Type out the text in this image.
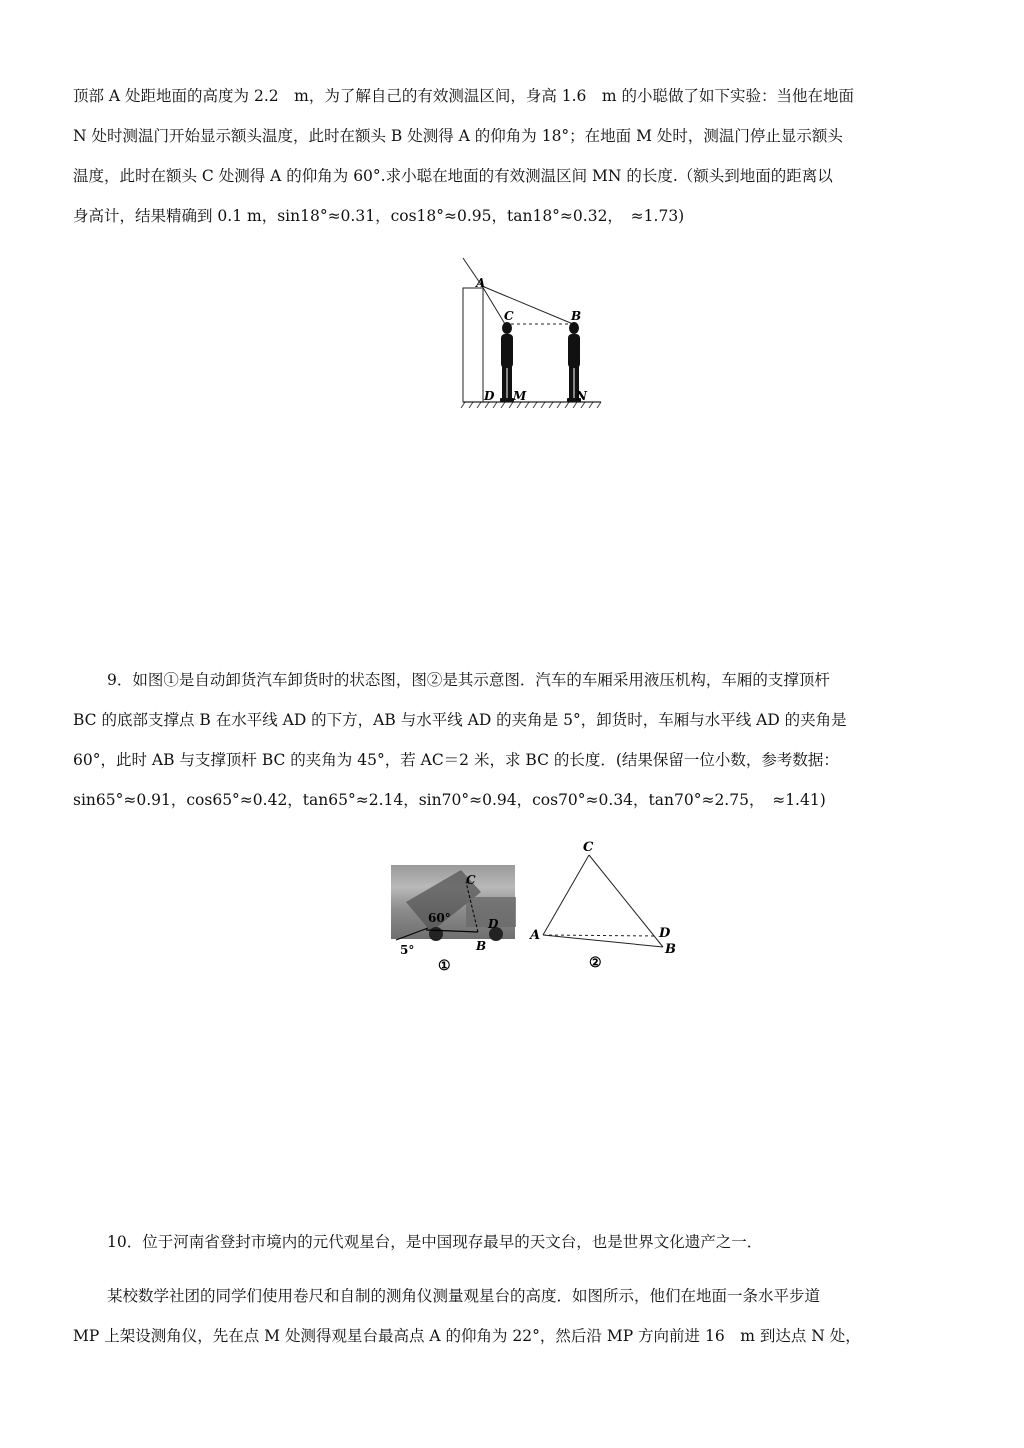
顶部 A 处距地面的高度为 2.2　m，为了解自己的有效测温区间，身高 1.6　m 的小聪做了如下实验：当他在地面
N 处时测温门开始显示额头温度，此时在额头 B 处测得 A 的仰角为 18°；在地面 M 处时，测温门停止显示额头
温度，此时在额头 C 处测得 A 的仰角为 60°.求小聪在地面的有效测温区间 MN 的长度.（额头到地面的距离以
身高计，结果精确到 0.1 m，sin18°≈0.31，cos18°≈0.95，tan18°≈0.32，　≈1.73)
A
C	B
D M	N
9．如图①是自动卸货汽车卸货时的状态图，图②是其示意图．汽车的车厢采用液压机构，车厢的支撑顶杆
BC 的底部支撑点 B 在水平线 AD 的下方，AB 与水平线 AD 的夹角是 5°，卸货时，车厢与水平线 AD 的夹角是
60°，此时 AB 与支撑顶杆 BC 的夹角为 45°，若 AC＝2 米，求 BC 的长度．(结果保留一位小数，参考数据：
sin65°≈0.91，cos65°≈0.42，tan65°≈2.14，sin70°≈0.94，cos70°≈0.34，tan70°≈2.75，　≈1.41)
60°
C
D
B
5°
①
C
A	D
B
②
10．位于河南省登封市境内的元代观星台，是中国现存最早的天文台，也是世界文化遗产之一．
某校数学社团的同学们使用卷尺和自制的测角仪测量观星台的高度．如图所示，他们在地面一条水平步道
MP 上架设测角仪，先在点 M 处测得观星台最高点 A 的仰角为 22°，然后沿 MP 方向前进 16　m 到达点 N 处，
